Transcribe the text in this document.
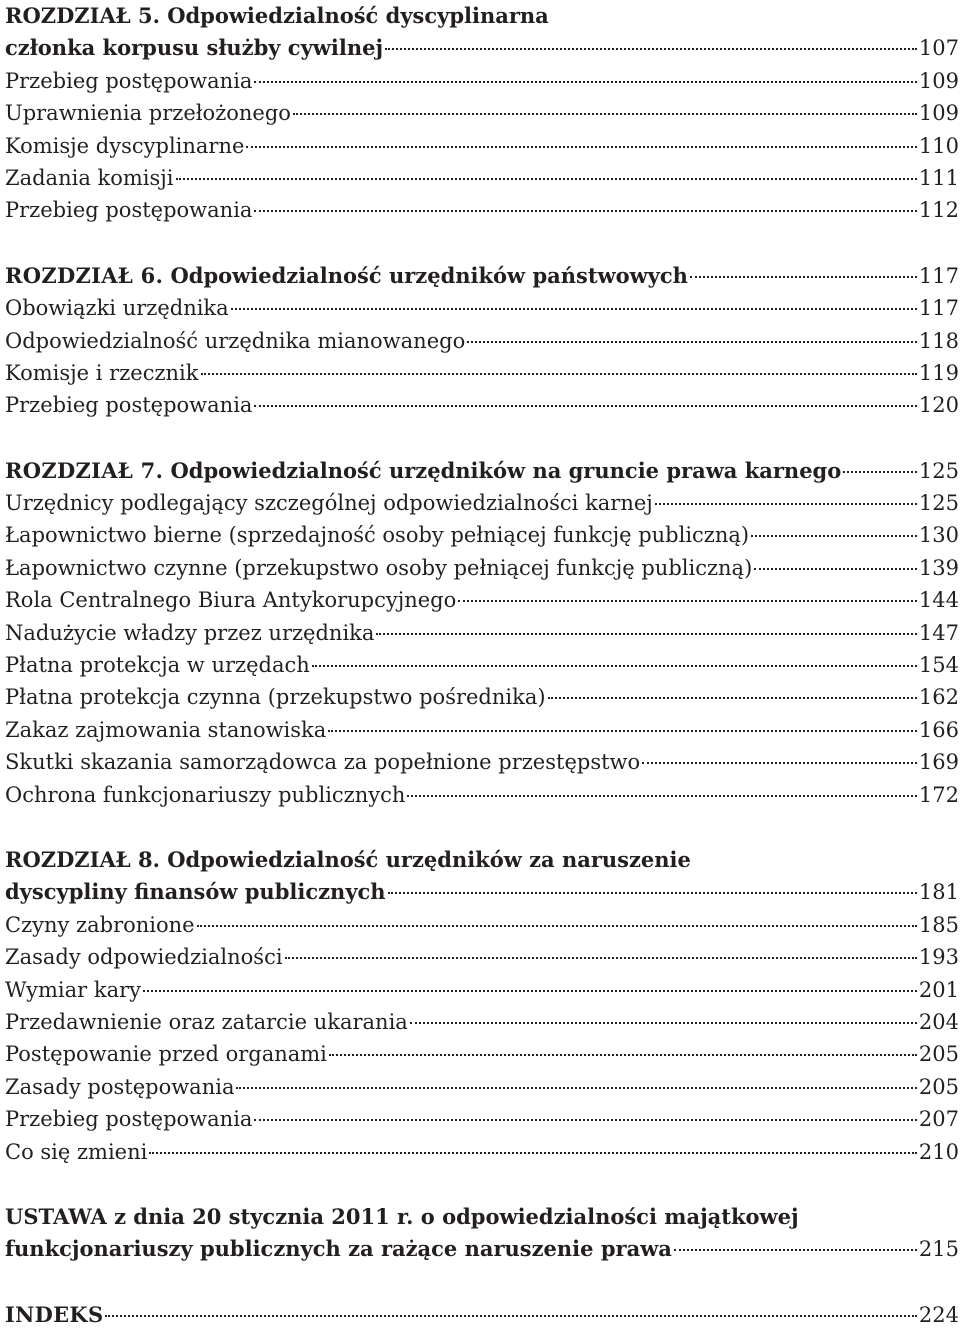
ROZDZIAŁ 5. Odpowiedzialność dyscyplinarna
członka korpusu służby cywilnej	107
Przebieg postępowania	109
Uprawnienia przełożonego	109
Komisje dyscyplinarne	110
Zadania komisji	111
Przebieg postępowania	112
ROZDZIAŁ 6. Odpowiedzialność urzędników państwowych	117
Obowiązki urzędnika	117
Odpowiedzialność urzędnika mianowanego	118
Komisje i rzecznik	119
Przebieg postępowania	120
ROZDZIAŁ 7. Odpowiedzialność urzędników na gruncie prawa karnego	125
Urzędnicy podlegający szczególnej odpowiedzialności karnej	125
Łapownictwo bierne (sprzedajność osoby pełniącej funkcję publiczną)	130
Łapownictwo czynne (przekupstwo osoby pełniącej funkcję publiczną)	139
Rola Centralnego Biura Antykorupcyjnego	144
Nadużycie władzy przez urzędnika	147
Płatna protekcja w urzędach	154
Płatna protekcja czynna (przekupstwo pośrednika)	162
Zakaz zajmowania stanowiska	166
Skutki skazania samorządowca za popełnione przestępstwo	169
Ochrona funkcjonariuszy publicznych	172
ROZDZIAŁ 8. Odpowiedzialność urzędników za naruszenie
dyscypliny finansów publicznych	181
Czyny zabronione	185
Zasady odpowiedzialności	193
Wymiar kary	201
Przedawnienie oraz zatarcie ukarania	204
Postępowanie przed organami	205
Zasady postępowania	205
Przebieg postępowania	207
Co się zmieni	210
USTAWA z dnia 20 stycznia 2011 r. o odpowiedzialności majątkowej
funkcjonariuszy publicznych za rażące naruszenie prawa	215
INDEKS	224
